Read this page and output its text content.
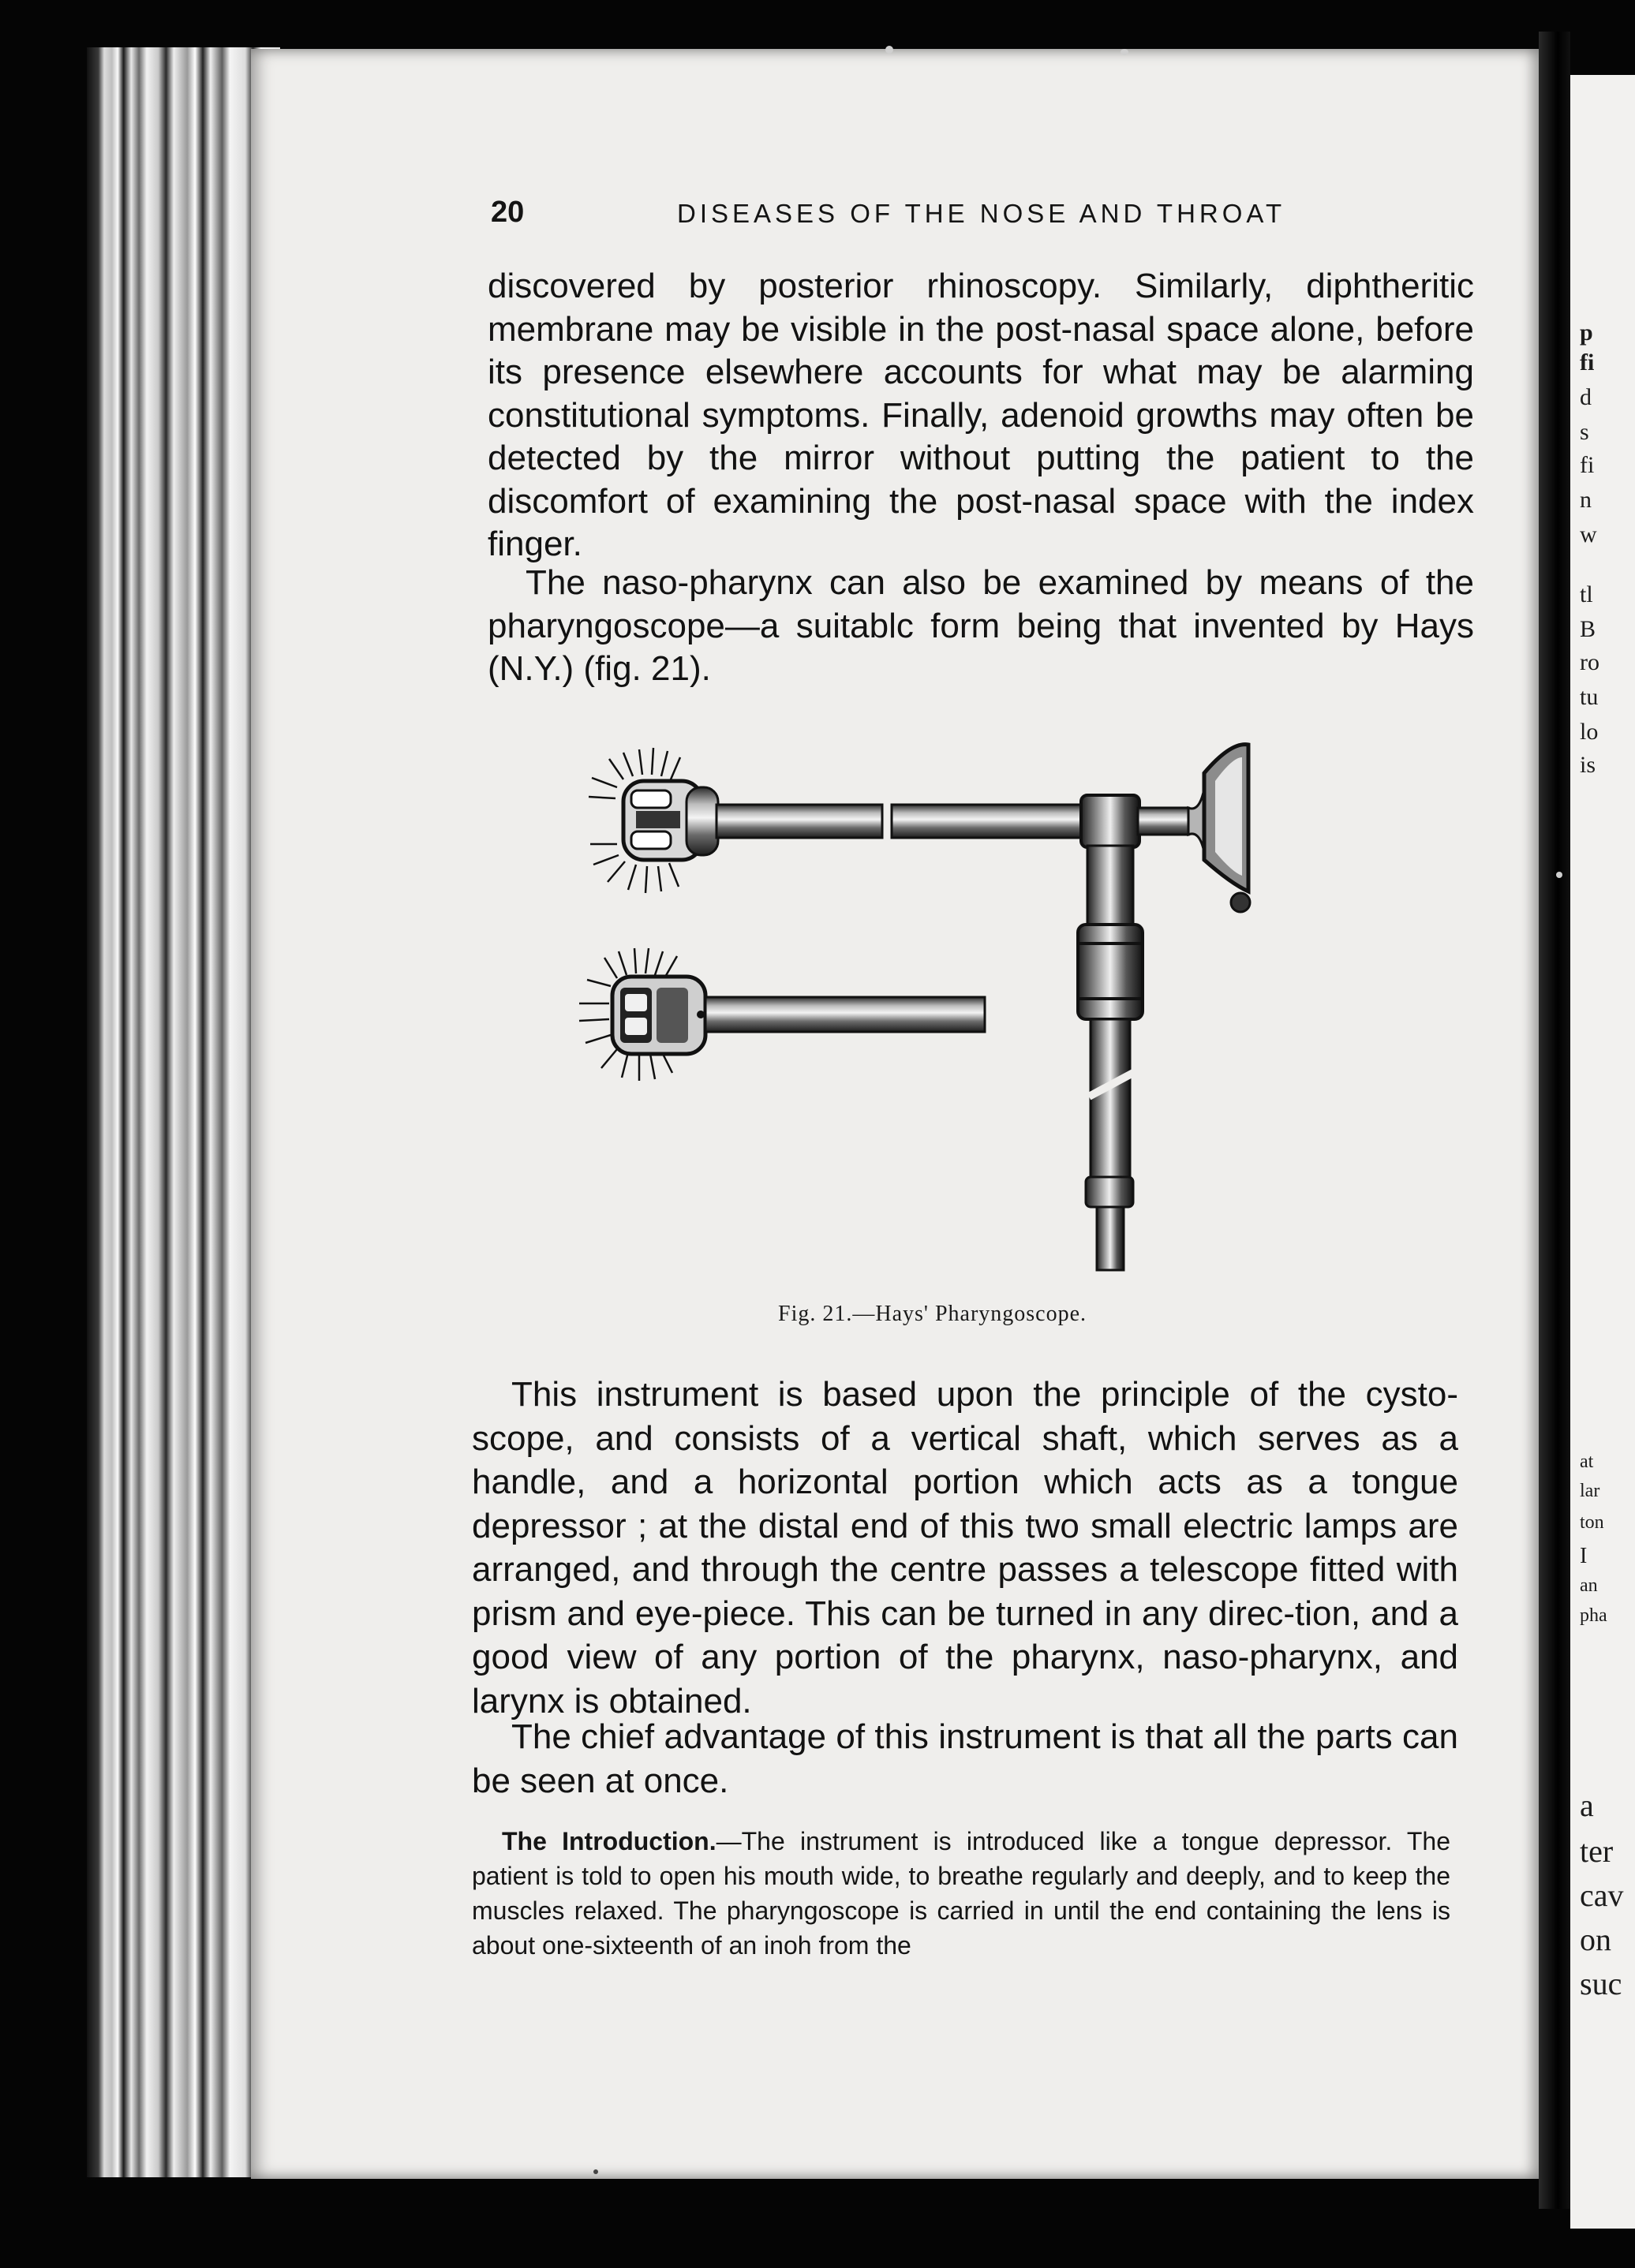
p
fi
d
s
fi
n
w
tl
B
ro
tu
lo
is
at
lar
ton
I
an
pha
a
ter
cav
on
suc
20	DISEASES OF THE NOSE AND THROAT

discovered by posterior rhinoscopy. Similarly, diphtheritic membrane may be visible in the post-nasal space alone, before its presence elsewhere accounts for what may be alarming constitutional symptoms. Finally, adenoid growths may often be detected by the mirror without putting the patient to the discomfort of examining the post-nasal space with the index finger.

The naso-pharynx can also be examined by means of the pharyngoscope—a suitablc form being that invented by Hays (N.Y.) (fig. 21).

Fig. 21.—Hays' Pharyngoscope.

This instrument is based upon the principle of the cysto-scope, and consists of a vertical shaft, which serves as a handle, and a horizontal portion which acts as a tongue depressor ; at the distal end of this two small electric lamps are arranged, and through the centre passes a telescope fitted with prism and eye-piece. This can be turned in any direc-tion, and a good view of any portion of the pharynx, naso-pharynx, and larynx is obtained.

The chief advantage of this instrument is that all the parts can be seen at once.

The Introduction.—The instrument is introduced like a tongue depressor. The patient is told to open his mouth wide, to breathe regularly and deeply, and to keep the muscles relaxed. The pharyngoscope is carried in until the end containing the lens is about one-sixteenth of an inoh from the
